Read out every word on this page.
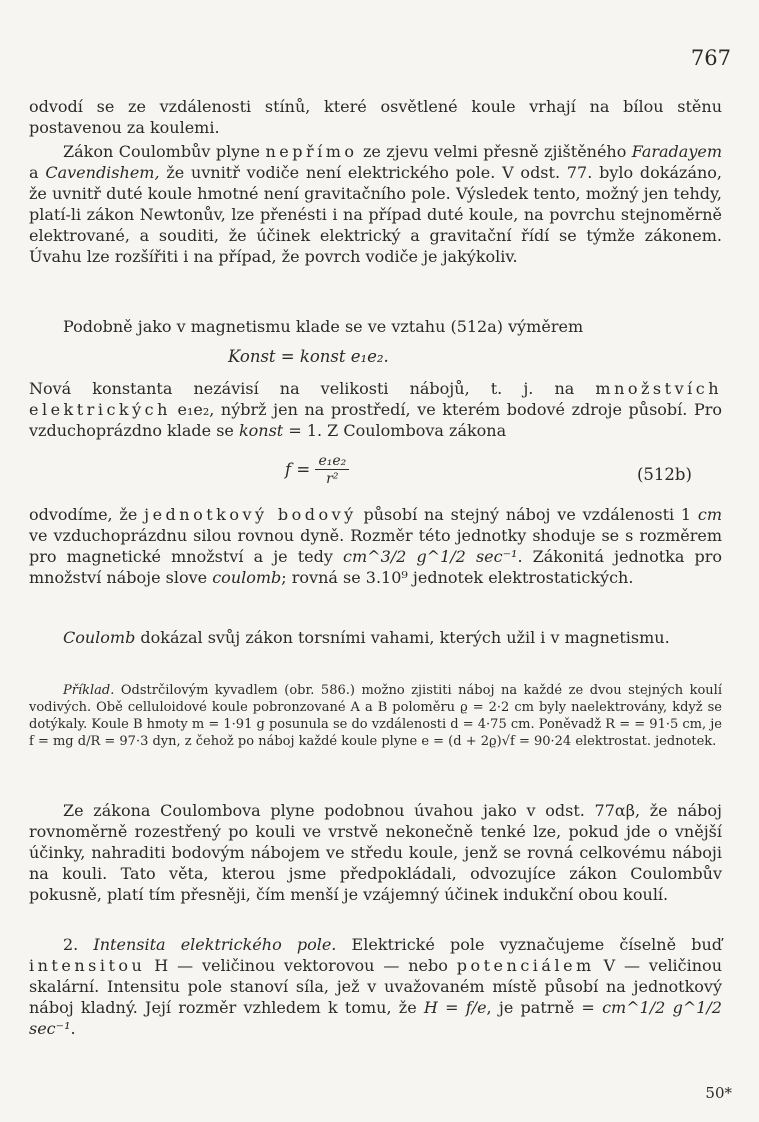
767

odvodí se ze vzdálenosti stínů, které osvětlené koule vrhají na bílou stěnu postavenou za koulemi.

Zákon Coulombův plyne nepřímo ze zjevu velmi přesně zjištěného Faradayem a Cavendishem, že uvnitř vodiče není elektrického pole. V odst. 77. bylo dokázáno, že uvnitř duté koule hmotné není gravitačního pole. Výsledek tento, možný jen tehdy, platí-li zákon Newtonův, lze přenésti i na případ duté koule, na povrchu stejnoměrně elektrované, a souditi, že účinek elektrický a gravitační řídí se týmže zákonem. Úvahu lze rozšířiti i na případ, že povrch vodiče je jakýkoliv.

Podobně jako v magnetismu klade se ve vztahu (512a) výměrem

Konst = konst e₁e₂.

Nová konstanta nezávisí na velikosti nábojů, t. j. na množstvích elektrických e₁e₂, nýbrž jen na prostředí, ve kterém bodové zdroje působí. Pro vzduchoprázdno klade se konst = 1. Z Coulombova zákona

$f = \frac{\text{e₁e₂}}{\text{r²}}$	(512b)

odvodíme, že jednotkový bodový působí na stejný náboj ve vzdálenosti 1 cm ve vzduchoprázdnu silou rovnou dyně. Rozměr této jednotky shoduje se s rozměrem pro magnetické množství a je tedy cm^3/2 g^1/2 sec⁻¹. Zákonitá jednotka pro množství náboje slove coulomb; rovná se 3.10⁹ jednotek elektrostatických.

Coulomb dokázal svůj zákon torsními vahami, kterých užil i v magnetismu.

Příklad. Odstrčilovým kyvadlem (obr. 586.) možno zjistiti náboj na každé ze dvou stejných koulí vodivých. Obě celluloidové koule pobronzované A a B poloměru ϱ = 2·2 cm byly naelektrovány, když se dotýkaly. Koule B hmoty m = 1·91 g posunula se do vzdálenosti d = 4·75 cm. Poněvadž R = = 91·5 cm, je f = mg d/R = 97·3 dyn, z čehož po náboj každé koule plyne e = (d + 2ϱ)√f = 90·24 elektrostat. jednotek.

Ze zákona Coulombova plyne podobnou úvahou jako v odst. 77αβ, že náboj rovnoměrně rozestřený po kouli ve vrstvě nekonečně tenké lze, pokud jde o vnější účinky, nahraditi bodovým nábojem ve středu koule, jenž se rovná celkovému náboji na kouli. Tato věta, kterou jsme předpokládali, odvozujíce zákon Coulombův pokusně, platí tím přesněji, čím menší je vzájemný účinek indukční obou koulí.

2. Intensita elektrického pole. Elektrické pole vyznačujeme číselně buď intensitou H — veličinou vektorovou — nebo potenciálem V — veličinou skalární. Intensitu pole stanoví síla, jež v uvažovaném místě působí na jednotkový náboj kladný. Její rozměr vzhledem k tomu, že H = f/e, je patrně = cm^1/2 g^1/2 sec⁻¹.

50*
